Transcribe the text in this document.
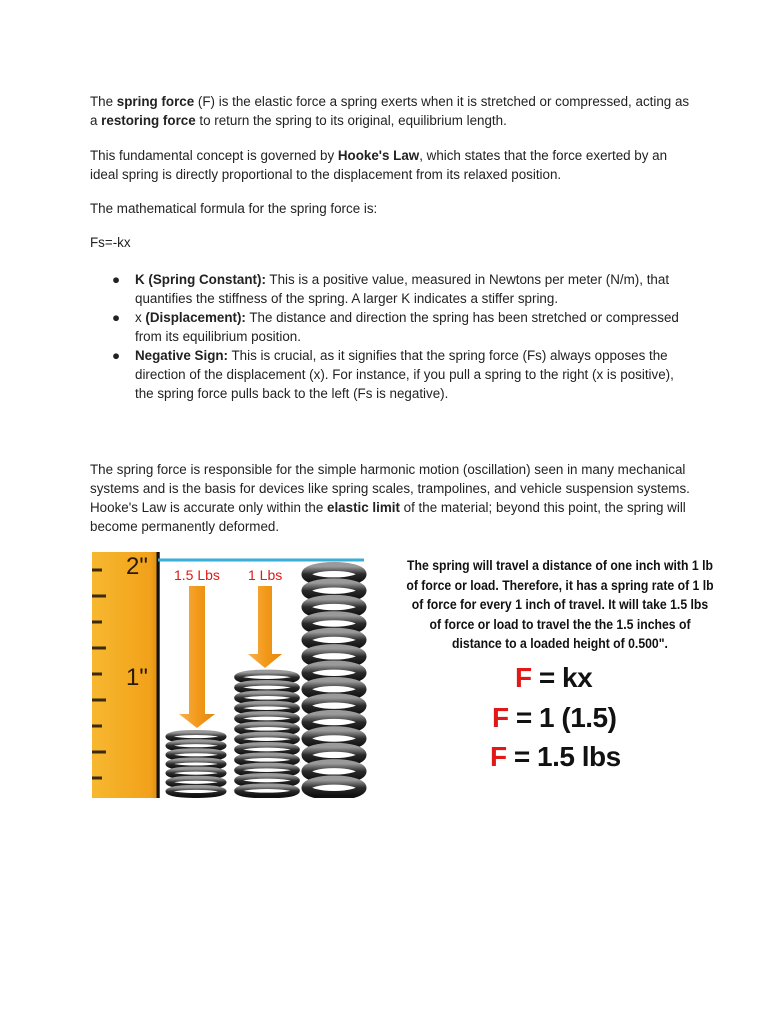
The spring force (F) is the elastic force a spring exerts when it is stretched or compressed, acting as a restoring force to return the spring to its original, equilibrium length.

This fundamental concept is governed by Hooke's Law, which states that the force exerted by an ideal spring is directly proportional to the displacement from its relaxed position.

The mathematical formula for the spring force is:

Fs=-kx

● K (Spring Constant): This is a positive value, measured in Newtons per meter (N/m), that quantifies the stiffness of the spring. A larger K indicates a stiffer spring.
● x (Displacement): The distance and direction the spring has been stretched or compressed from its equilibrium position.
● Negative Sign: This is crucial, as it signifies that the spring force (Fs) always opposes the direction of the displacement (x). For instance, if you pull a spring to the right (x is positive), the spring force pulls back to the left (Fs is negative).

The spring force is responsible for the simple harmonic motion (oscillation) seen in many mechanical systems and is the basis for devices like spring scales, trampolines, and vehicle suspension systems. Hooke's Law is accurate only within the elastic limit of the material; beyond this point, the spring will become permanently deformed.

2"
1"
1.5 Lbs 1 Lbs
The spring will travel a distance of one inch with 1 lb of force or load. Therefore, it has a spring rate of 1 lb of force for every 1 inch of travel. It will take 1.5 lbs of force or load to travel the the 1.5 inches of distance to a loaded height of 0.500".
F = kx
F = 1 (1.5)
F = 1.5 lbs
